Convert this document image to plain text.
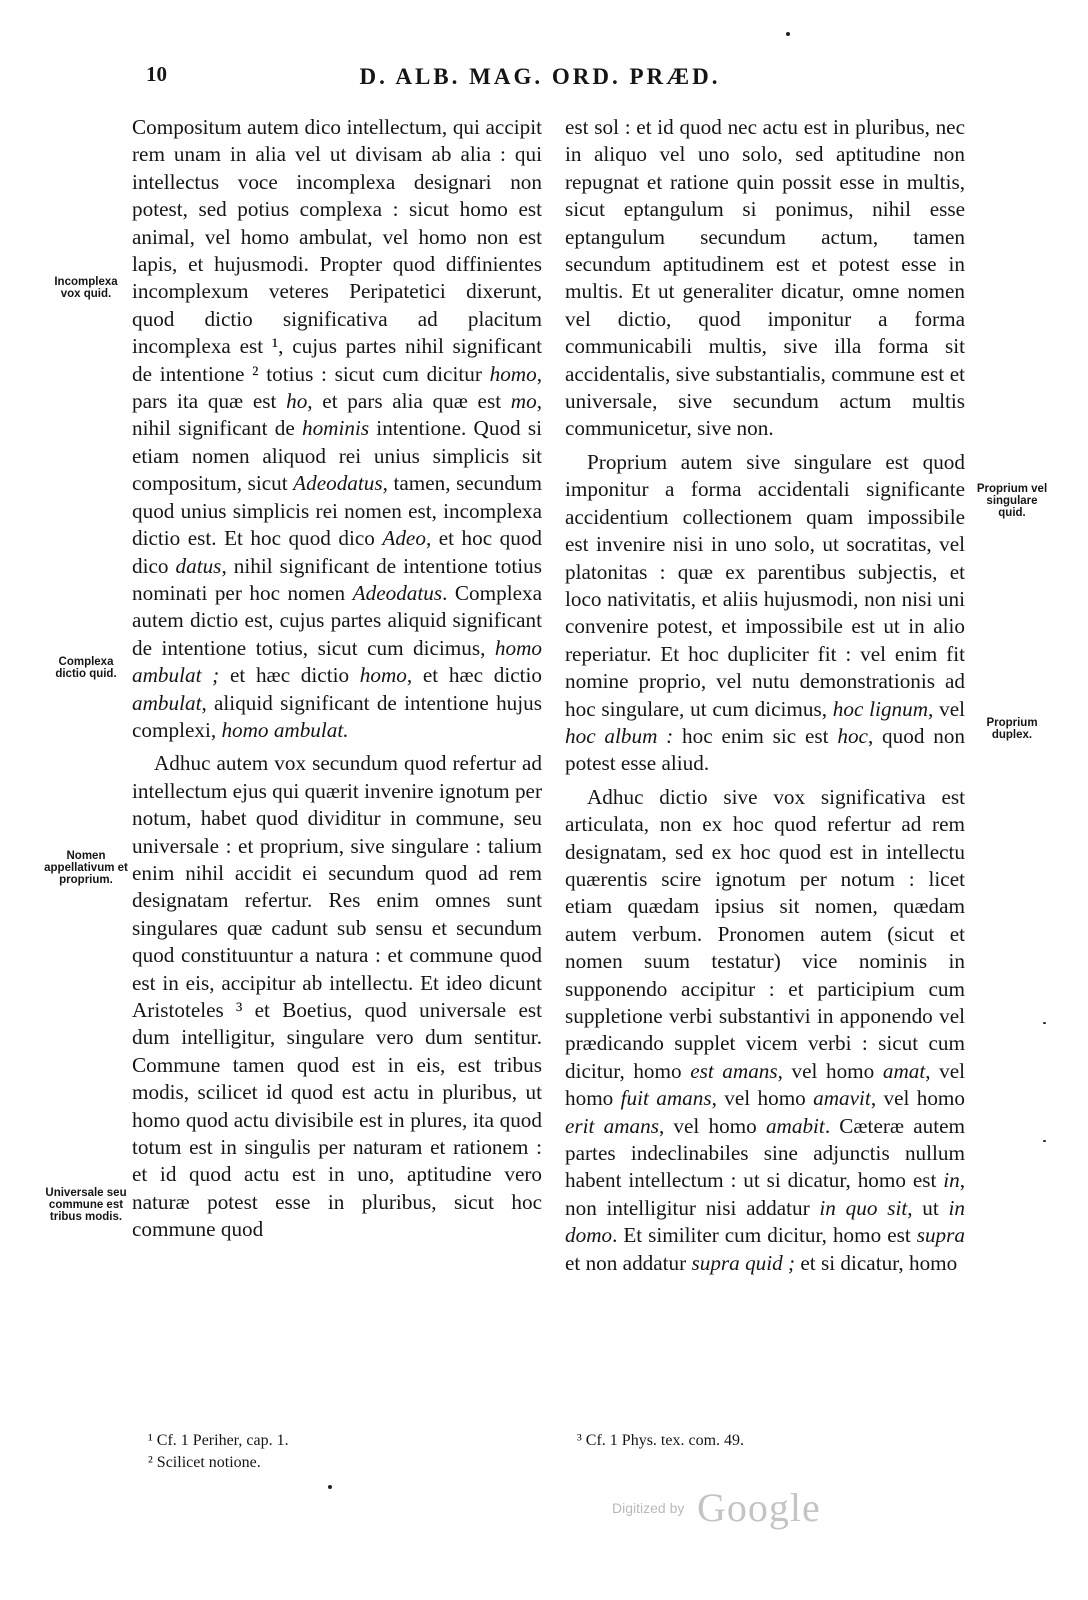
10	D. ALB. MAG. ORD. PRÆD.

Compositum autem dico intellectum, qui accipit rem unam in alia vel ut divisam ab alia : qui intellectus voce incomplexa designari non potest, sed potius complexa : sicut homo est animal, vel homo ambulat, vel homo non est lapis, et hujusmodi. Propter quod diffinientes incomplexum veteres Peripatetici dixerunt, quod dictio significativa ad placitum incomplexa est ¹, cujus partes nihil significant de intentione ² totius : sicut cum dicitur homo, pars ita quæ est ho, et pars alia quæ est mo, nihil significant de hominis intentione. Quod si etiam nomen aliquod rei unius simplicis sit compositum, sicut Adeodatus, tamen, secundum quod unius simplicis rei nomen est, incomplexa dictio est. Et hoc quod dico Adeo, et hoc quod dico datus, nihil significant de intentione totius nominati per hoc nomen Adeodatus. Complexa autem dictio est, cujus partes aliquid significant de intentione totius, sicut cum dicimus, homo ambulat ; et hæc dictio homo, et hæc dictio ambulat, aliquid significant de intentione hujus complexi, homo ambulat.

Adhuc autem vox secundum quod refertur ad intellectum ejus qui quærit invenire ignotum per notum, habet quod dividitur in commune, seu universale : et proprium, sive singulare : talium enim nihil accidit ei secundum quod ad rem designatam refertur. Res enim omnes sunt singulares quæ cadunt sub sensu et secundum quod constituuntur a natura : et commune quod est in eis, accipitur ab intellectu. Et ideo dicunt Aristoteles ³ et Boetius, quod universale est dum intelligitur, singulare vero dum sentitur. Commune tamen quod est in eis, est tribus modis, scilicet id quod est actu in pluribus, ut homo quod actu divisibile est in plures, ita quod totum est in singulis per naturam et rationem : et id quod actu est in uno, aptitudine vero naturæ potest esse in pluribus, sicut hoc commune quod

est sol : et id quod nec actu est in pluribus, nec in aliquo vel uno solo, sed aptitudine non repugnat et ratione quin possit esse in multis, sicut eptangulum si ponimus, nihil esse eptangulum secundum actum, tamen secundum aptitudinem est et potest esse in multis. Et ut generaliter dicatur, omne nomen vel dictio, quod imponitur a forma communicabili multis, sive illa forma sit accidentalis, sive substantialis, commune est et universale, sive secundum actum multis communicetur, sive non.

Proprium autem sive singulare est quod imponitur a forma accidentali significante accidentium collectionem quam impossibile est invenire nisi in uno solo, ut socratitas, vel platonitas : quæ ex parentibus subjectis, et loco nativitatis, et aliis hujusmodi, non nisi uni convenire potest, et impossibile est ut in alio reperiatur. Et hoc dupliciter fit : vel enim fit nomine proprio, vel nutu demonstrationis ad hoc singulare, ut cum dicimus, hoc lignum, vel hoc album : hoc enim sic est hoc, quod non potest esse aliud.

Adhuc dictio sive vox significativa est articulata, non ex hoc quod refertur ad rem designatam, sed ex hoc quod est in intellectu quærentis scire ignotum per notum : licet etiam quædam ipsius sit nomen, quædam autem verbum. Pronomen autem (sicut et nomen suum testatur) vice nominis in supponendo accipitur : et participium cum suppletione verbi substantivi in apponendo vel prædicando supplet vicem verbi : sicut cum dicitur, homo est amans, vel homo amat, vel homo fuit amans, vel homo amavit, vel homo erit amans, vel homo amabit. Cæteræ autem partes indeclinabiles sine adjunctis nullum habent intellectum : ut si dicatur, homo est in, non intelligitur nisi addatur in quo sit, ut in domo. Et similiter cum dicitur, homo est supra et non addatur supra quid ; et si dicatur, homo

Incomplexa vox quid.
Complexa dictio quid.
Nomen appellativum et proprium.
Universale seu commune est tribus modis.
Proprium vel singulare quid.
Proprium duplex.
¹ Cf. 1 Periher, cap. 1.
² Scilicet notione.
³ Cf. 1 Phys. tex. com. 49.
Digitized by Google
